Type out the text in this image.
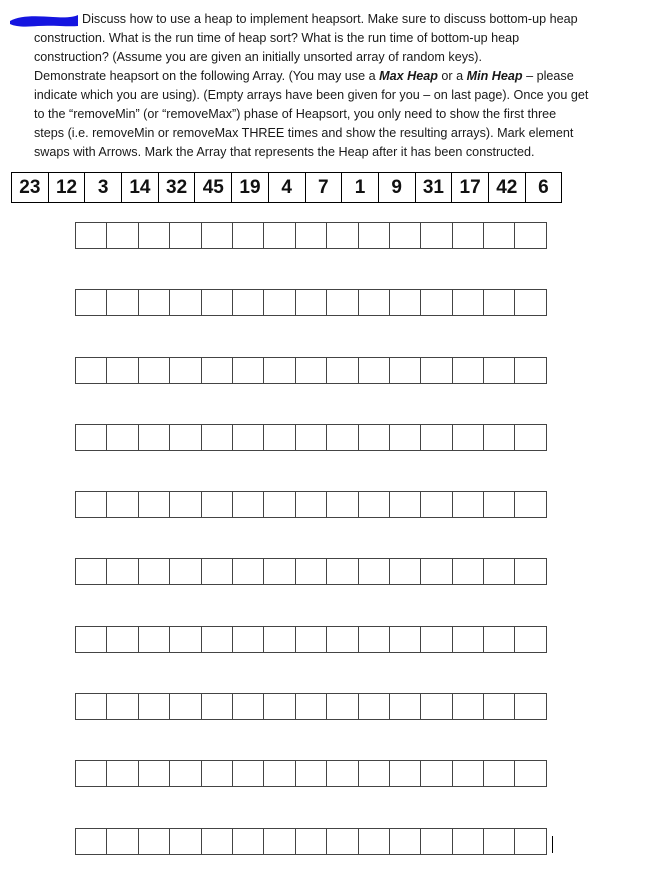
Discuss how to use a heap to implement heapsort. Make sure to discuss bottom-up heap
construction. What is the run time of heap sort? What is the run time of bottom-up heap
construction? (Assume you are given an initially unsorted array of random keys).
Demonstrate heapsort on the following Array. (You may use a Max Heap or a Min Heap – please
indicate which you are using). (Empty arrays have been given for you – on last page). Once you get
to the “removeMin” (or “removeMax”) phase of Heapsort, you only need to show the first three
steps (i.e. removeMin or removeMax THREE times and show the resulting arrays). Mark element
swaps with Arrows. Mark the Array that represents the Heap after it has been constructed.
23 12	3	14 32 45 19	4	7	1	9	31 17 42	6
